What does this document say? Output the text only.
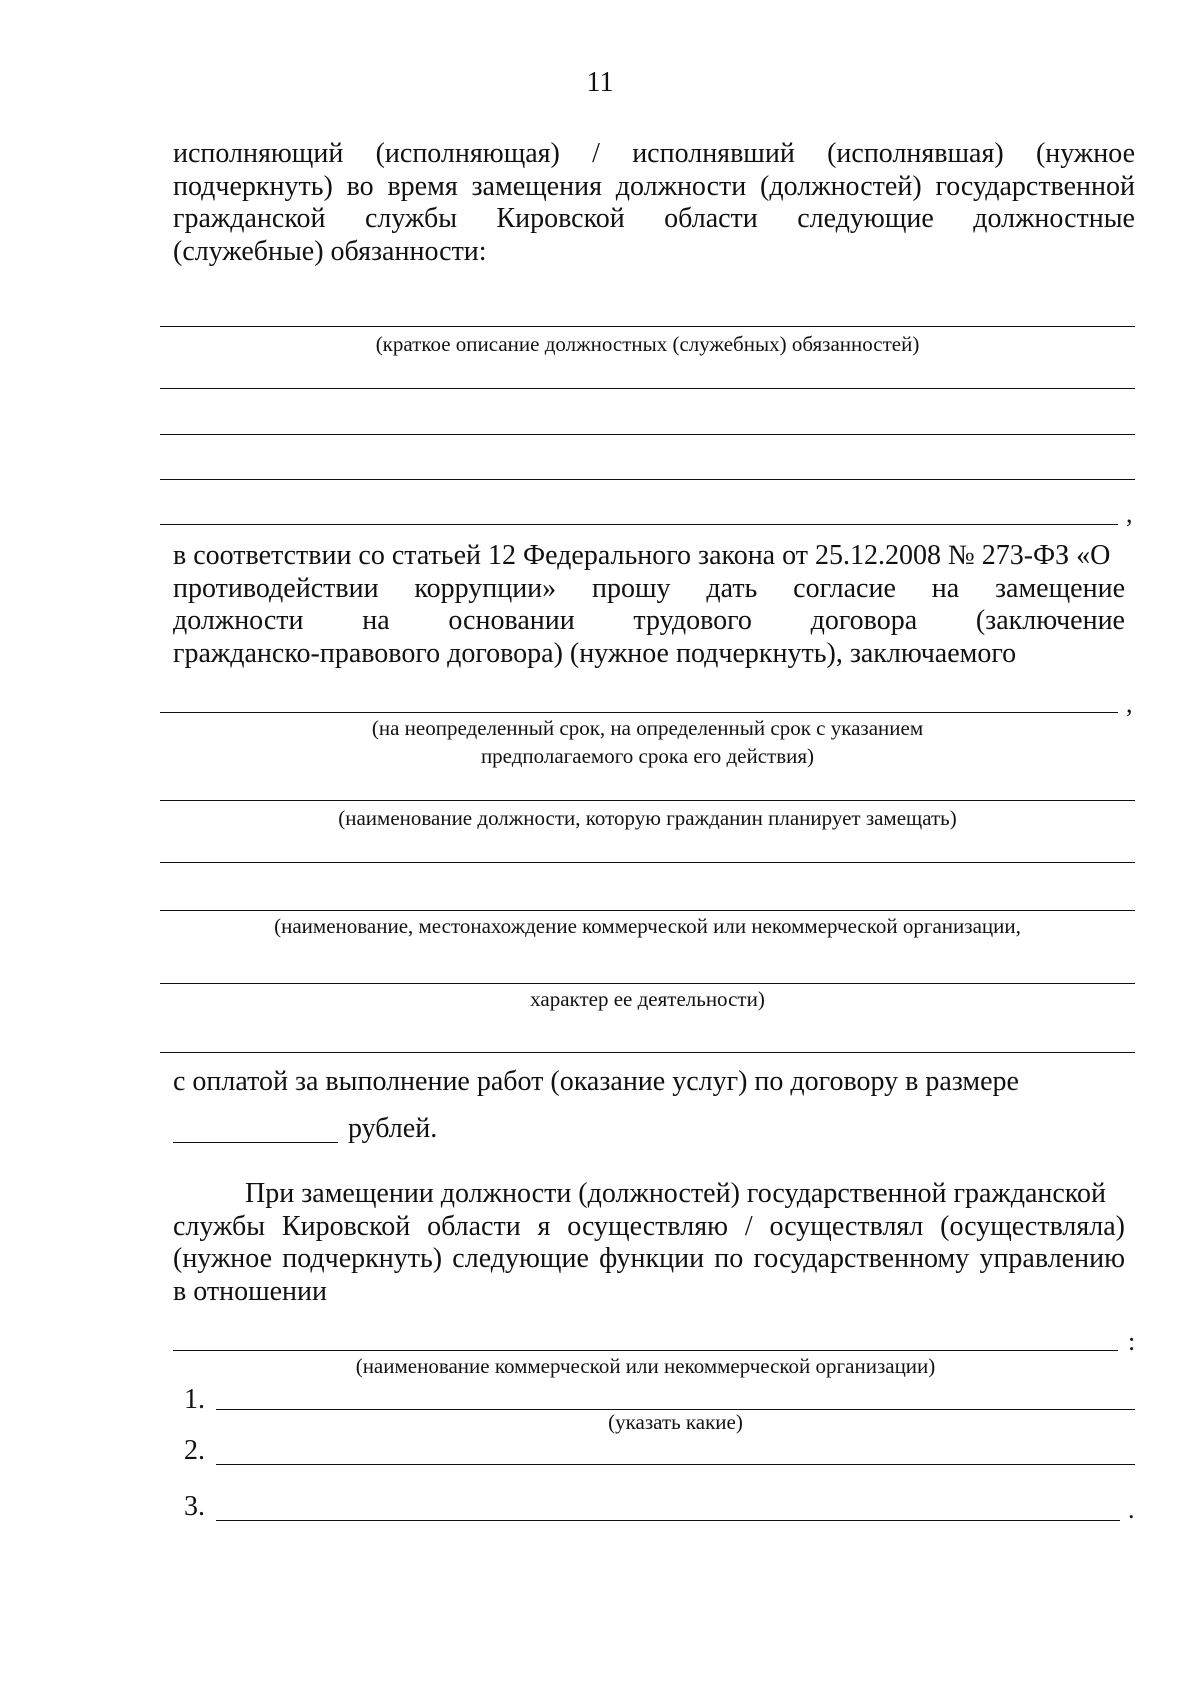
11
исполняющий (исполняющая) / исполнявший (исполнявшая) (нужное
подчеркнуть) во время замещения должности (должностей) государственной
гражданской службы Кировской области следующие должностные
(служебные) обязанности:
(краткое описание должностных (служебных) обязанностей)
,
в соответствии со статьей 12 Федерального закона от 25.12.2008 № 273-ФЗ «О
противодействии коррупции» прошу дать согласие на замещение
должности на основании трудового договора (заключение
гражданско-правового договора) (нужное подчеркнуть), заключаемого
,
(на неопределенный срок, на определенный срок с указанием
предполагаемого срока его действия)
(наименование должности, которую гражданин планирует замещать)
(наименование, местонахождение коммерческой или некоммерческой организации,
характер ее деятельности)
с оплатой за выполнение работ (оказание услуг) по договору в размере
рублей.
При замещении должности (должностей) государственной гражданской
службы Кировской области я осуществляю / осуществлял (осуществляла)
(нужное подчеркнуть) следующие функции по государственному управлению
в отношении
:
(наименование коммерческой или некоммерческой организации)
1.
(указать какие)
2.
3.	.
